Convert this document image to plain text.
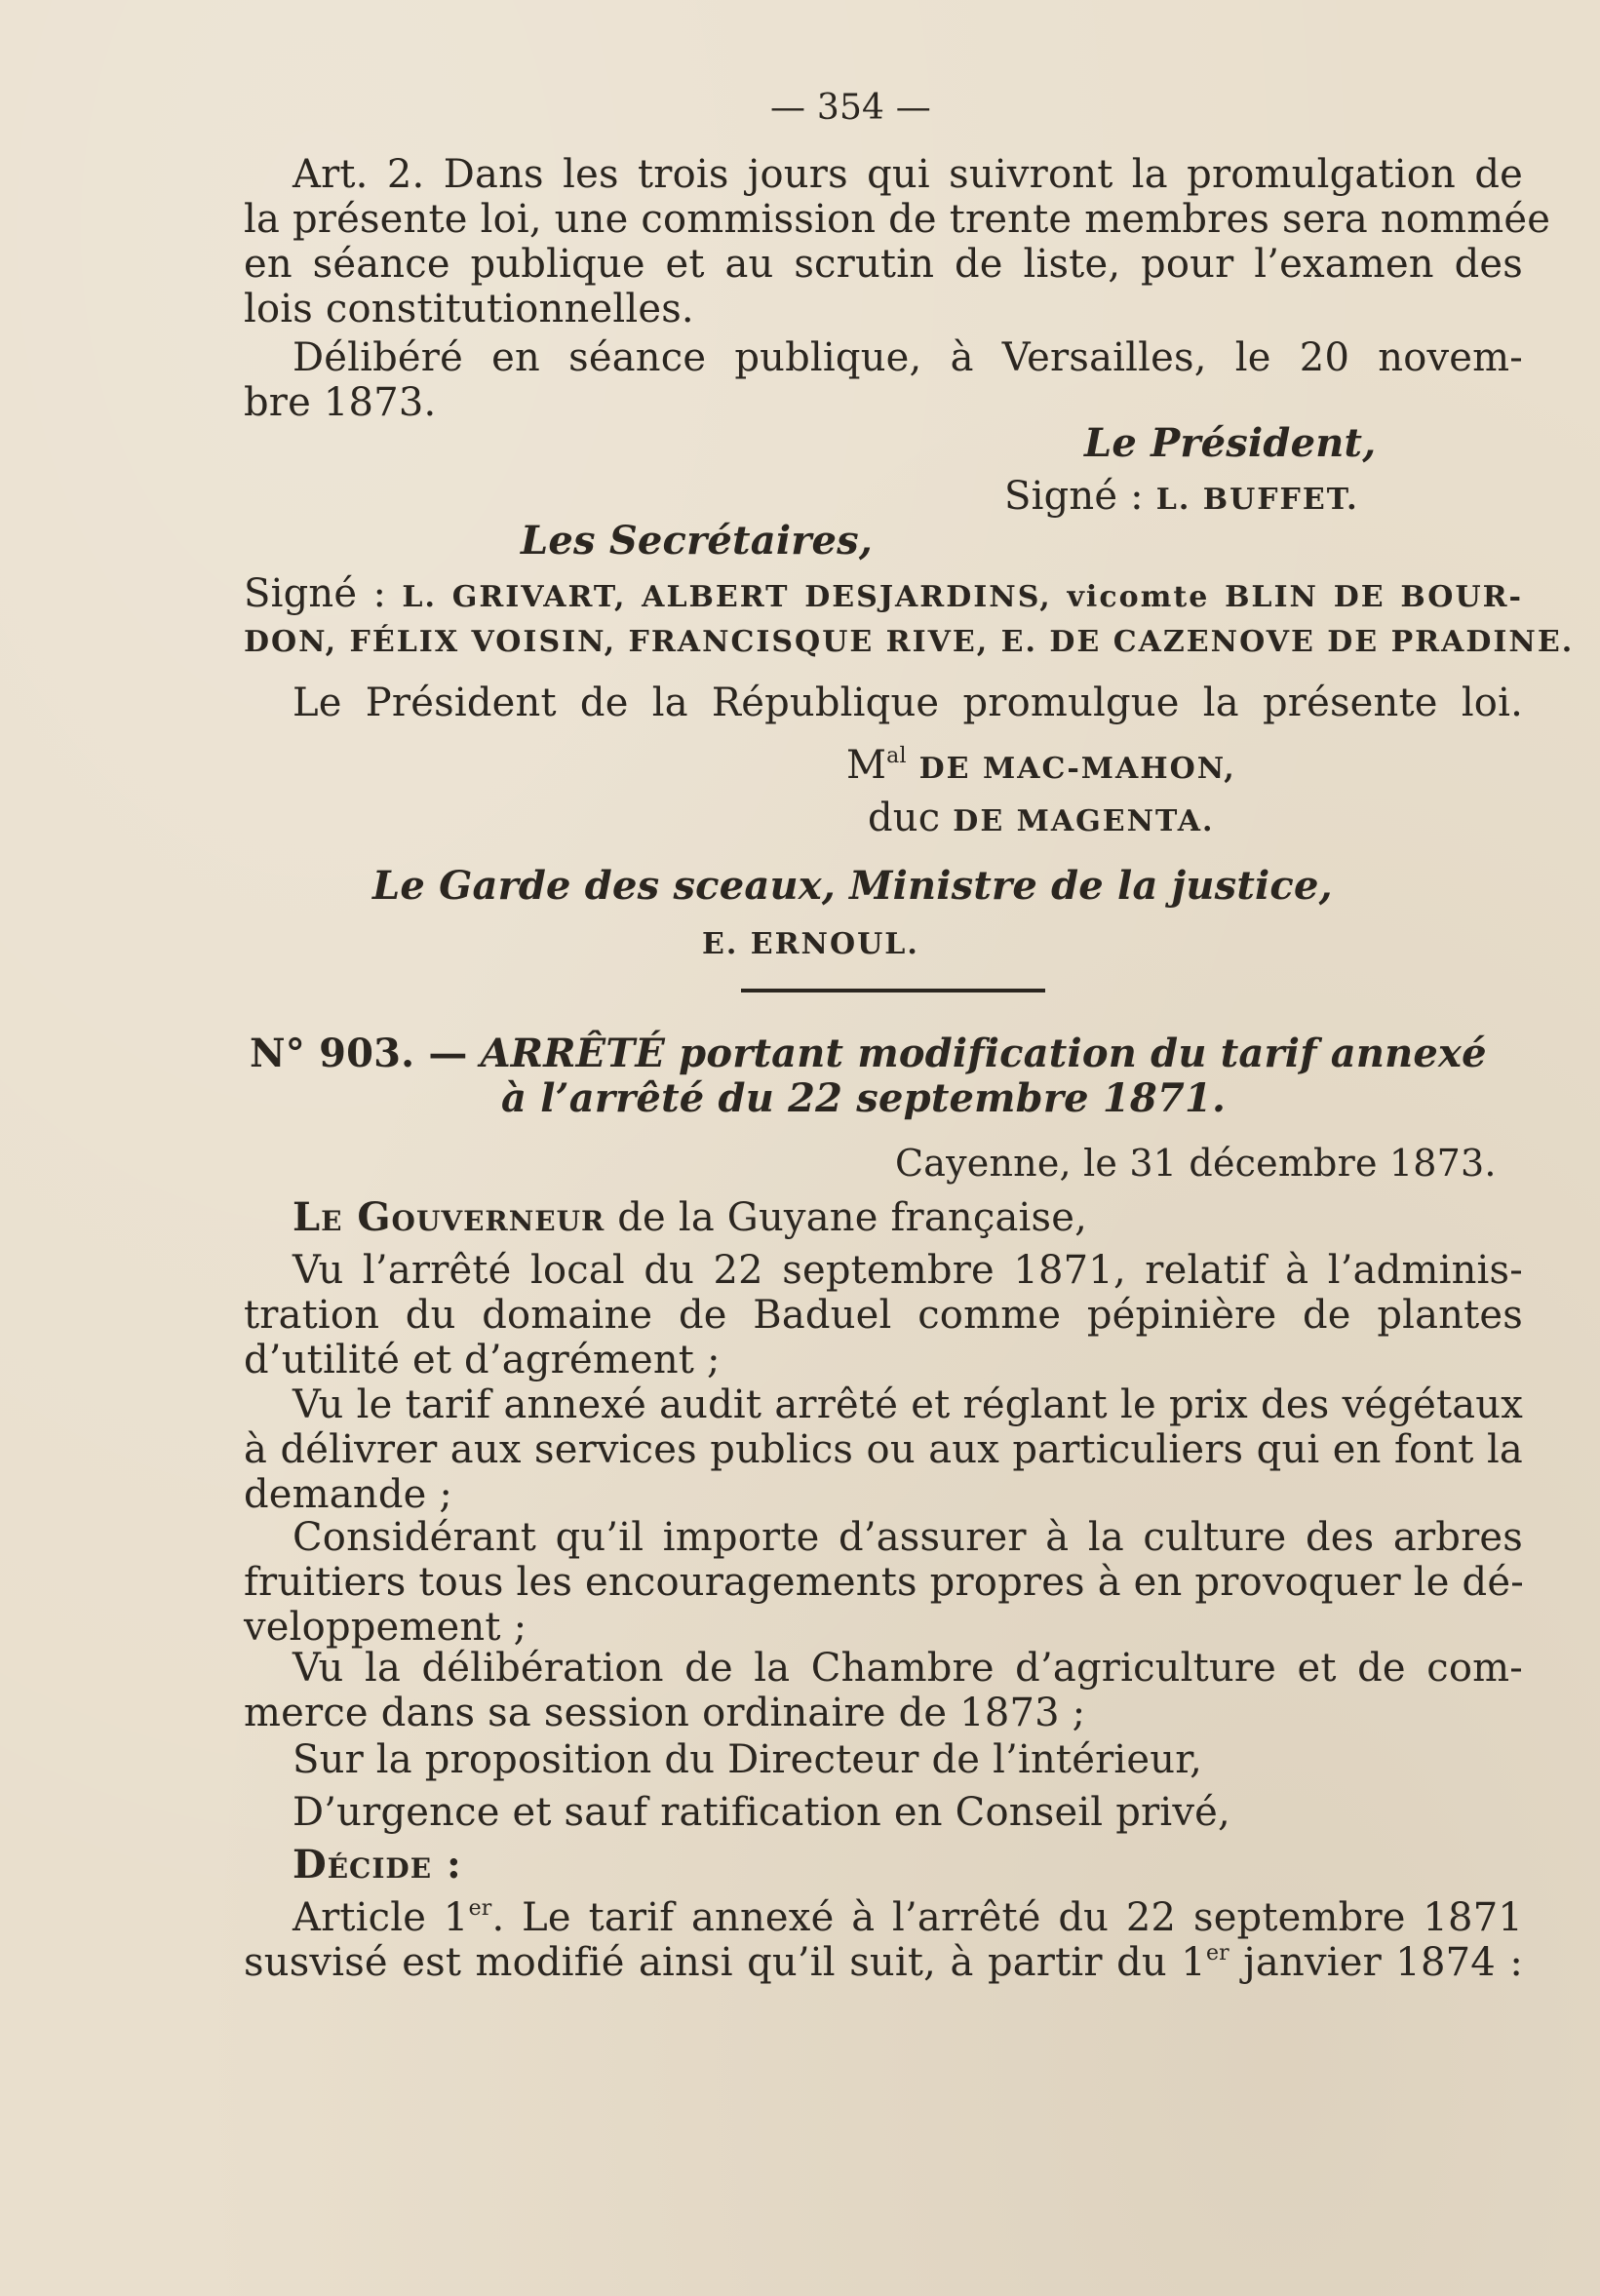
— 354 —
Art. 2. Dans les trois jours qui suivront la promulgation de
la présente loi, une commission de trente membres sera nommée
en séance publique et au scrutin de liste, pour l’examen des
lois constitutionnelles.
Délibéré en séance publique, à Versailles, le 20 novem-
bre 1873.
Le Président,
Signé : L. BUFFET.
Les Secrétaires,
Signé : L. GRIVART, ALBERT DESJARDINS, vicomte BLIN DE BOUR-
DON, FÉLIX VOISIN, FRANCISQUE RIVE, E. DE CAZENOVE DE PRADINE.
Le Président de la République promulgue la présente loi.
$M^{al}$ DE MAC-MAHON,
duc DE MAGENTA.
Le Garde des sceaux, Ministre de la justice,
E. ERNOUL.
N° 903. — ARRÊTÉ portant modification du tarif annexé
à l’arrêté du 22 septembre 1871.
Cayenne, le 31 décembre 1873.
Le Gouverneur de la Guyane française,
Vu l’arrêté local du 22 septembre 1871, relatif à l’adminis-
tration du domaine de Baduel comme pépinière de plantes
d’utilité et d’agrément ;
Vu le tarif annexé audit arrêté et réglant le prix des végétaux
à délivrer aux services publics ou aux particuliers qui en font la
demande ;
Considérant qu’il importe d’assurer à la culture des arbres
fruitiers tous les encouragements propres à en provoquer le dé-
veloppement ;
Vu la délibération de la Chambre d’agriculture et de com-
merce dans sa session ordinaire de 1873 ;
Sur la proposition du Directeur de l’intérieur,
D’urgence et sauf ratification en Conseil privé,
Décide :
Article 1er. Le tarif annexé à l’arrêté du 22 septembre 1871
susvisé est modifié ainsi qu’il suit, à partir du 1er janvier 1874 :
